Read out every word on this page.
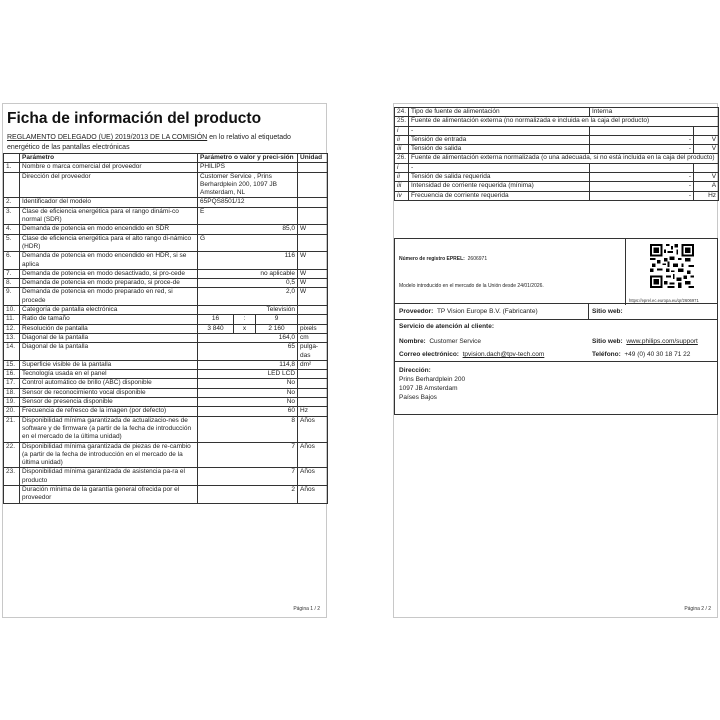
Ficha de información del producto
REGLAMENTO DELEGADO (UE) 2019/2013 DE LA COMISIÓN en lo relativo al etiquetado energético de las pantallas electrónicas
	Parámetro	Parámetro o valor y preci-sión			Unidad
1.	Nombre o marca comercial del proveedor	PHILIPS			
	Dirección del proveedor	Customer Service , Prins Berhardplein 200, 1097 JB Amsterdam, NL			
2.	Identificador del modelo	65PQS8501/12			
3.	Clase de eficiencia energética para el rango dinámi-co normal (SDR)	E			
4.	Demanda de potencia en modo encendido en SDR	85,0			W
5.	Clase de eficiencia energética para el alto rango di-námico (HDR)	G			
6.	Demanda de potencia en modo encendido en HDR, si se aplica	116			W
7.	Demanda de potencia en modo desactivado, si pro-cede	no aplicable			W
8.	Demanda de potencia en modo preparado, si proce-de	0,5			W
9.	Demanda de potencia en modo preparado en red, si procede	2,0			W
10.	Categoría de pantalla electrónica	Televisión			
11.	Ratio de tamaño	16	:	9	
12.	Resolución de pantalla	3 840	x	2 160	pixels
13.	Diagonal de la pantalla	164,0			cm
14.	Diagonal de la pantalla	65			pulga-das
15.	Superficie visible de la pantalla	114,8			dm²
16.	Tecnología usada en el panel	LED LCD			
17.	Control automático de brillo (ABC) disponible	No			
18.	Sensor de reconocimiento vocal disponible	No			
19.	Sensor de presencia disponible	No			
20.	Frecuencia de refresco de la imagen (por defecto)	60			Hz
21.	Disponibilidad mínima garantizada de actualizacio-nes de software y de firmware (a partir de la fecha de introducción en el mercado de la última unidad)	8			Años
22.	Disponibilidad mínima garantizada de piezas de re-cambio (a partir de la fecha de introducción en el mercado de la última unidad)	7			Años
23.	Disponibilidad mínima garantizada de asistencia pa-ra el producto	7			Años
	Duración mínima de la garantía general ofrecida por el proveedor	2			Años
Página 1 / 2
24.	Tipo de fuente de alimentación	Interna	
25.	Fuente de alimentación externa (no normalizada e incluida en la caja del producto)		
i	-		
ii	Tensión de entrada	-	V
iii	Tensión de salida	-	V
26.	Fuente de alimentación externa normalizada (o una adecuada, si no está incluida en la caja del producto)		
i	-		
ii	Tensión de salida requerida	-	V
iii	Intensidad de corriente requerida (mínima)	-	A
iv	Frecuencia de corriente requerida	-	Hz
Número de registro EPREL: 2606971
Modelo introducido en el mercado de la Unión desde 24/01/2026.
https://eprel.ec.europa.eu/qr/2606971
Proveedor: TP Vision Europe B.V. (Fabricante)	Sitio web:
Servicio de atención al cliente:
Nombre: Customer Service	Sitio web: www.philips.com/support
Correo electrónico: tpvision.dach@tpv-tech.com	Teléfono: +49 (0) 40 30 18 71 22
Dirección:
Prins Berhardplein 200
1097 JB Amsterdam
Países Bajos
Página 2 / 2
